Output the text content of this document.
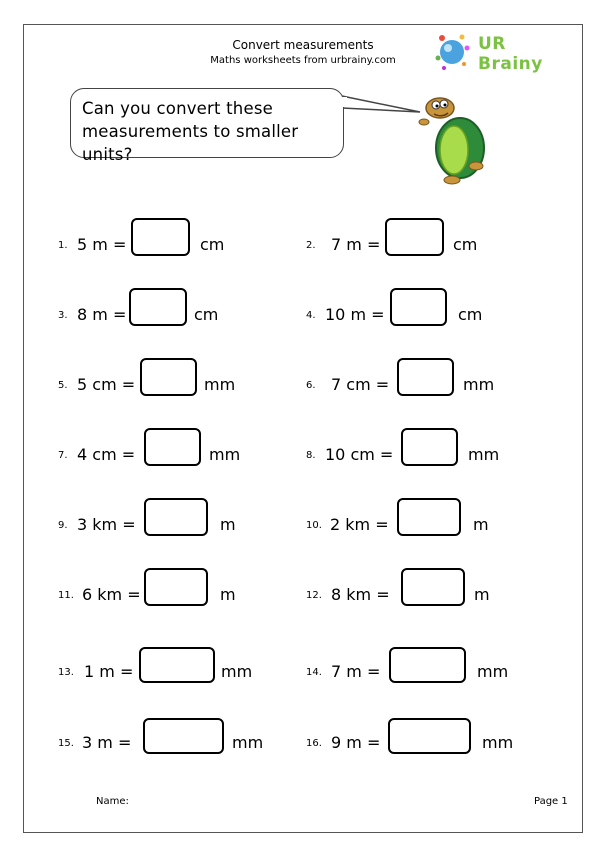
Convert measurements
Maths worksheets from urbrainy.com
UR Brainy
Can you convert these
measurements to smaller units?
1. 5 m =	cm	2. 7 m =	cm
3. 8 m =	cm	4. 10 m =	cm
5. 5 cm =	mm	6. 7 cm =	mm
7. 4 cm =	mm	8. 10 cm =	mm
9. 3 km =	m	10. 2 km =	m
11. 6 km =	m	12. 8 km =	m
13. 1 m =	mm	14. 7 m =	mm
15. 3 m =	mm	16. 9 m =	mm
Name:	Page 1
